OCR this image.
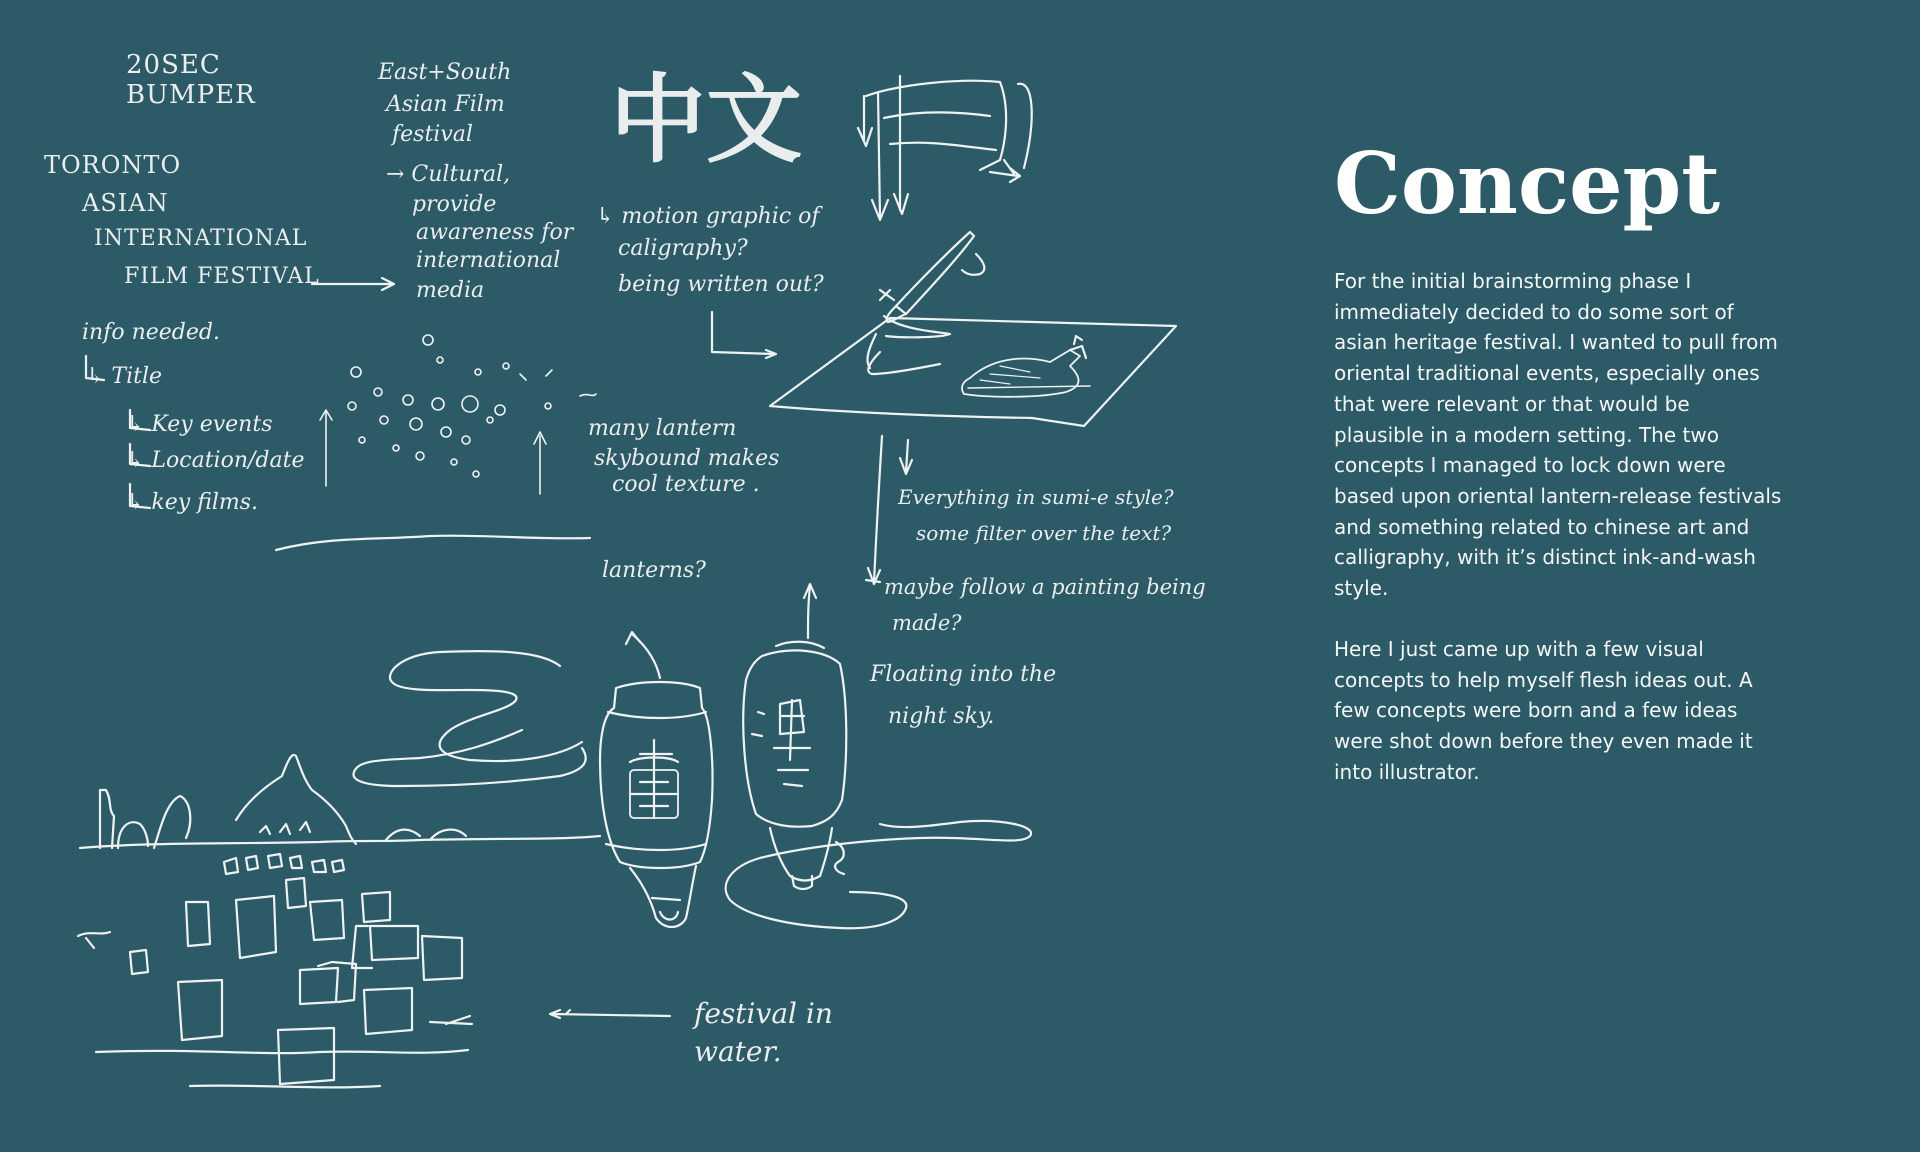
20SEC BUMPER
TORONTO
ASIAN
INTERNATIONAL
FILM FESTIVAL
East+South
Asian Film
festival
→ Cultural,
provide
awareness for
international
media
中文
↳ motion graphic of
caligraphy?
being written out?
info needed.
↳ Title
↳ Key events
↳ Location/date
↳ key films.
many lantern
skybound makes
cool texture .	Everything in sumi-e style?
some filter over the text?
maybe follow a painting being
made?
lanterns?
Floating into the
night sky.
festival in
water.
Concept

For the initial brainstorming phase I immediately decided to do some sort of asian heritage festival. I wanted to pull from oriental traditional events, especially ones that were relevant or that would be plausible in a modern setting. The two concepts I managed to lock down were based upon oriental lantern-release festivals and something related to chinese art and calligraphy, with it’s distinct ink-and-wash style.

Here I just came up with a few visual concepts to help myself flesh ideas out. A few concepts were born and a few ideas were shot down before they even made it into illustrator.
